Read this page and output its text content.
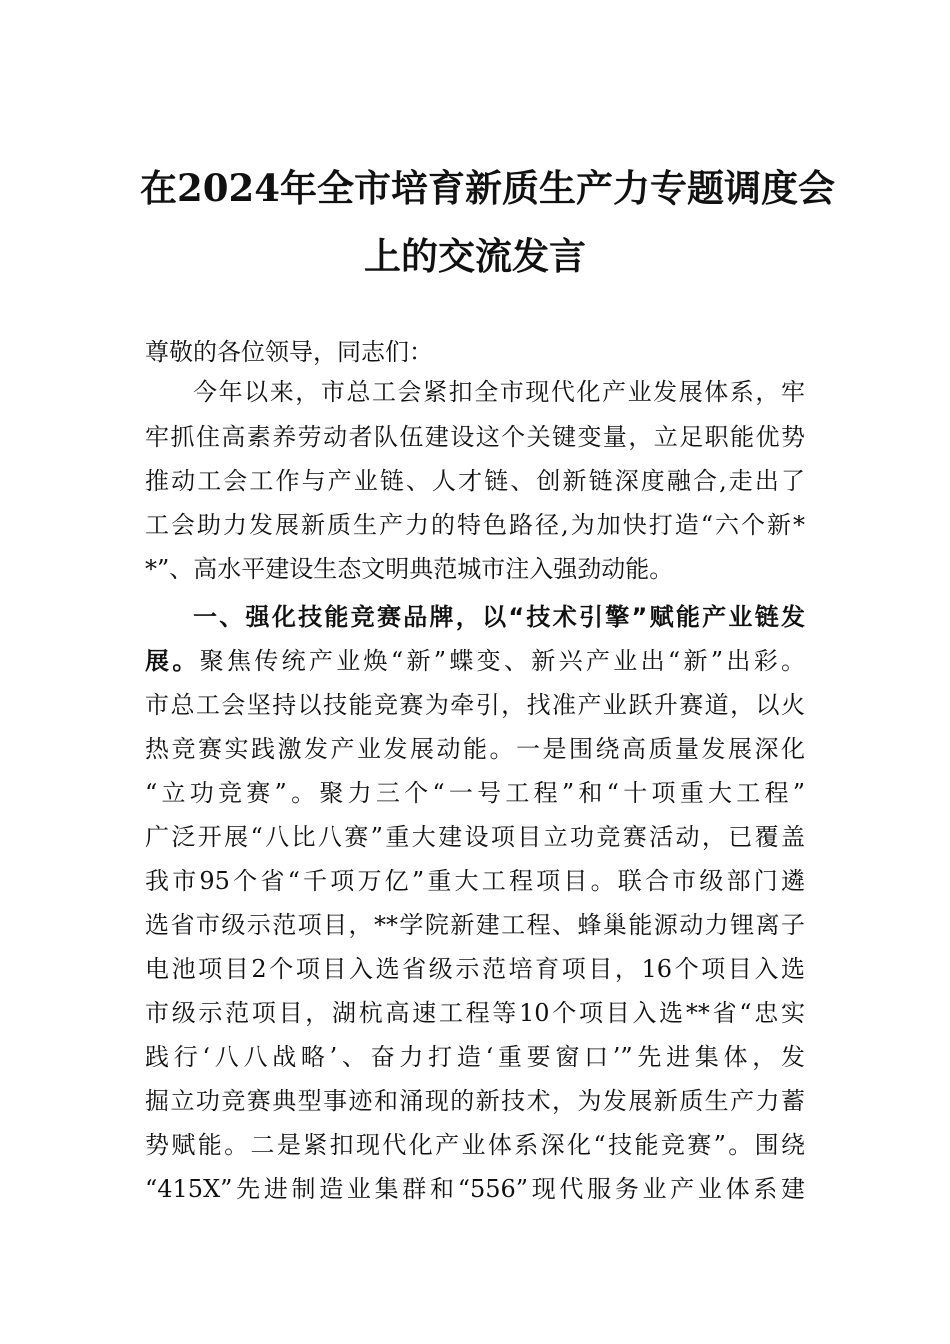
在2024年全市培育新质生产力专题调度会
上的交流发言
尊敬的各位领导，同志们：
今年以来，市总工会紧扣全市现代化产业发展体系，牢
牢抓住高素养劳动者队伍建设这个关键变量，立足职能优势
推动工会工作与产业链、人才链、创新链深度融合,走出了
工会助力发展新质生产力的特色路径,为加快打造“六个新*
*”、高水平建设生态文明典范城市注入强劲动能。
一、强化技能竞赛品牌，以“技术引擎”赋能产业链发
展。聚焦传统产业焕“新”蝶变、新兴产业出“新”出彩。
市总工会坚持以技能竞赛为牵引，找准产业跃升赛道，以火
热竞赛实践激发产业发展动能。一是围绕高质量发展深化
“立功竞赛”。聚力三个“一号工程”和“十项重大工程”
广泛开展“八比八赛”重大建设项目立功竞赛活动，已覆盖
我市95个省“千项万亿”重大工程项目。联合市级部门遴
选省市级示范项目，**学院新建工程、蜂巢能源动力锂离子
电池项目2个项目入选省级示范培育项目，16个项目入选
市级示范项目，湖杭高速工程等10个项目入选**省“忠实
践行‘八八战略’、奋力打造‘重要窗口’”先进集体，发
掘立功竞赛典型事迹和涌现的新技术，为发展新质生产力蓄
势赋能。二是紧扣现代化产业体系深化“技能竞赛”。围绕
“415X”先进制造业集群和“556”现代服务业产业体系建
